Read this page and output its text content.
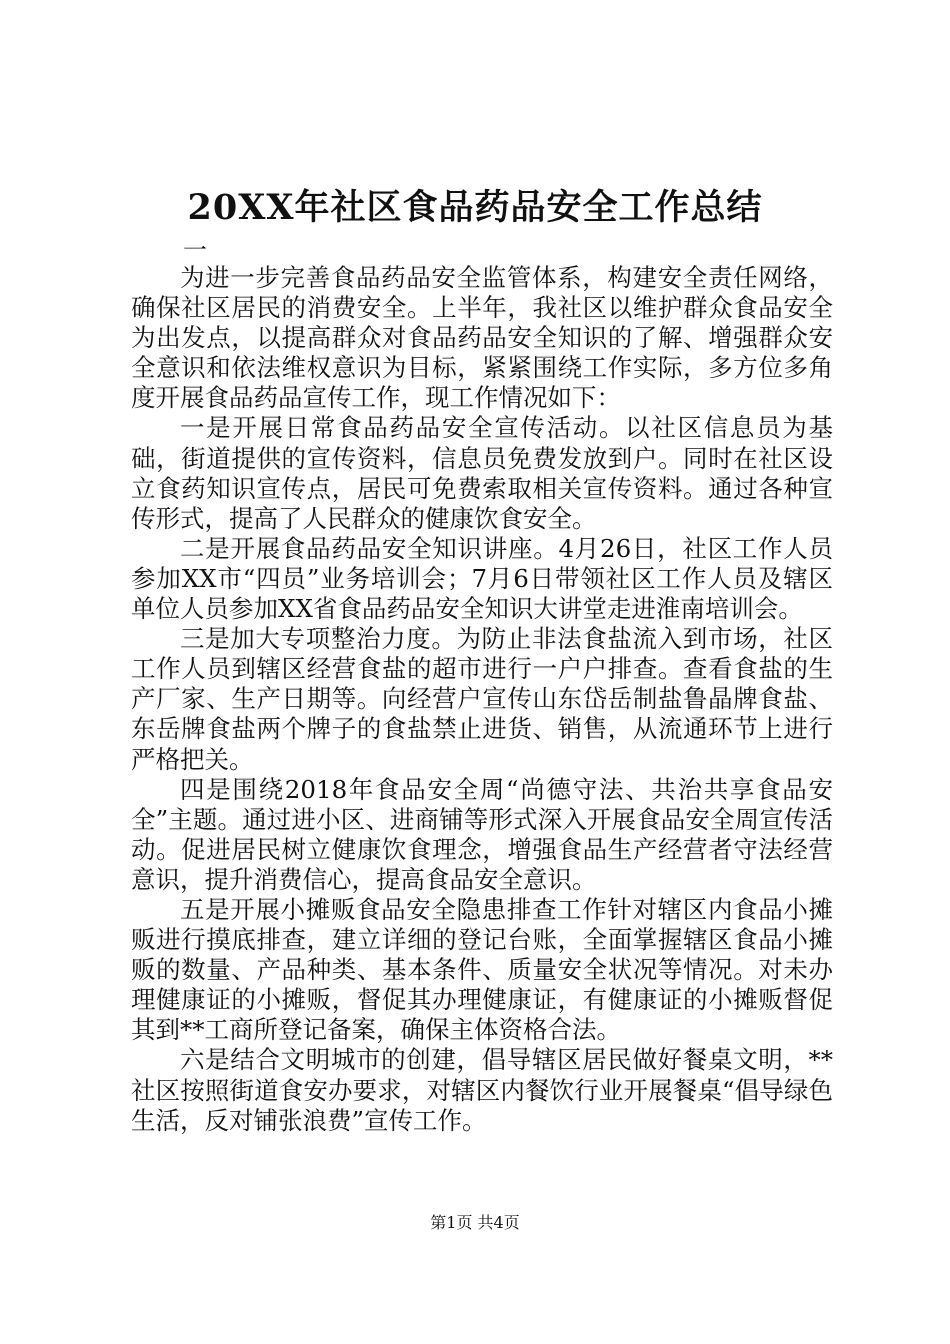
20XX年社区食品药品安全工作总结
一

为进一步完善食品药品安全监管体系，构建安全责任网络，确保社区居民的消费安全。上半年，我社区以维护群众食品安全为出发点，以提高群众对食品药品安全知识的了解、增强群众安全意识和依法维权意识为目标，紧紧围绕工作实际，多方位多角度开展食品药品宣传工作，现工作情况如下：

一是开展日常食品药品安全宣传活动。以社区信息员为基础，街道提供的宣传资料，信息员免费发放到户。同时在社区设立食药知识宣传点，居民可免费索取相关宣传资料。通过各种宣传形式，提高了人民群众的健康饮食安全。

二是开展食品药品安全知识讲座。4月26日，社区工作人员参加XX市“四员”业务培训会；7月6日带领社区工作人员及辖区单位人员参加XX省食品药品安全知识大讲堂走进淮南培训会。

三是加大专项整治力度。为防止非法食盐流入到市场，社区工作人员到辖区经营食盐的超市进行一户户排查。查看食盐的生产厂家、生产日期等。向经营户宣传山东岱岳制盐鲁晶牌食盐、东岳牌食盐两个牌子的食盐禁止进货、销售，从流通环节上进行严格把关。

四是围绕2018年食品安全周“尚德守法、共治共享食品安全”主题。通过进小区、进商铺等形式深入开展食品安全周宣传活动。促进居民树立健康饮食理念，增强食品生产经营者守法经营意识，提升消费信心，提高食品安全意识。

五是开展小摊贩食品安全隐患排查工作针对辖区内食品小摊贩进行摸底排查，建立详细的登记台账，全面掌握辖区食品小摊贩的数量、产品种类、基本条件、质量安全状况等情况。对未办理健康证的小摊贩，督促其办理健康证，有健康证的小摊贩督促其到**工商所登记备案，确保主体资格合法。

六是结合文明城市的创建，倡导辖区居民做好餐桌文明，**社区按照街道食安办要求，对辖区内餐饮行业开展餐桌“倡导绿色生活，反对铺张浪费”宣传工作。

第1页 共4页
